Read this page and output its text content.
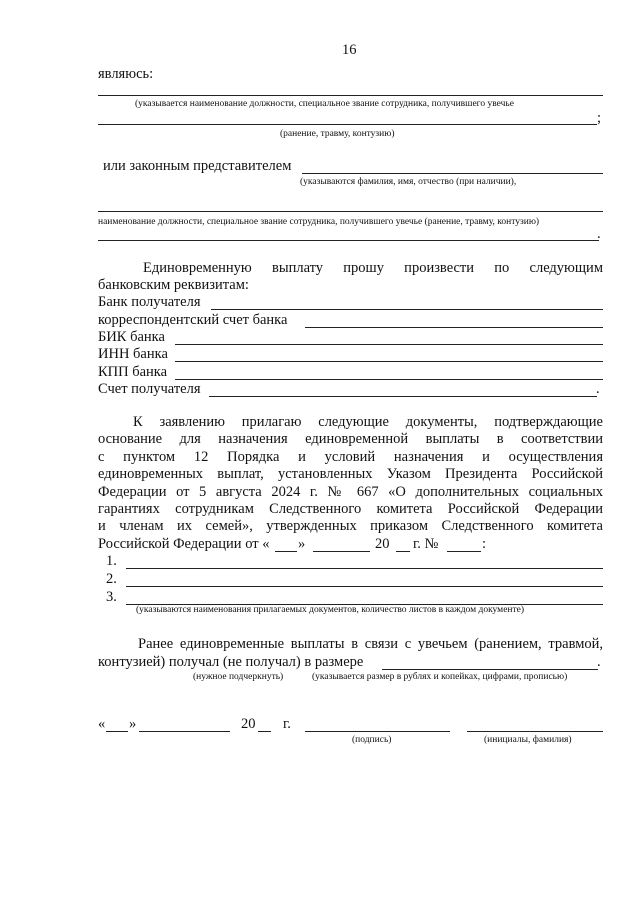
16
являюсь:
(указывается наименование должности, специальное звание сотрудника, получившего увечье
;
(ранение, травму, контузию)
или законным представителем
(указываются фамилия, имя, отчество (при наличии),
наименование должности, специальное звание сотрудника, получившего увечье (ранение, травму, контузию)
.
Единовременную выплату прошу произвести по следующим
банковским реквизитам:
Банк получателя
корреспондентский счет банка
БИК банка
ИНН банка
КПП банка
Счет получателя	.
К заявлению прилагаю следующие документы, подтверждающие
основание для назначения единовременной выплаты в соответствии
с пунктом 12 Порядка и условий назначения и осуществления
единовременных выплат, установленных Указом Президента Российской
Федерации от 5 августа 2024 г. № 667 «О дополнительных социальных
гарантиях сотрудникам Следственного комитета Российской Федерации
и членам их семей», утвержденных приказом Следственного комитета
Российской Федерации от « »	20 г. №	:
1.
2.
3.
(указываются наименования прилагаемых документов, количество листов в каждом документе)
Ранее единовременные выплаты в связи с увечьем (ранением, травмой,
контузией) получал (не получал) в размере	.
(нужное подчеркнуть)	(указывается размер в рублях и копейках, цифрами, прописью)
« »	20 г.
(подпись)	(инициалы, фамилия)
